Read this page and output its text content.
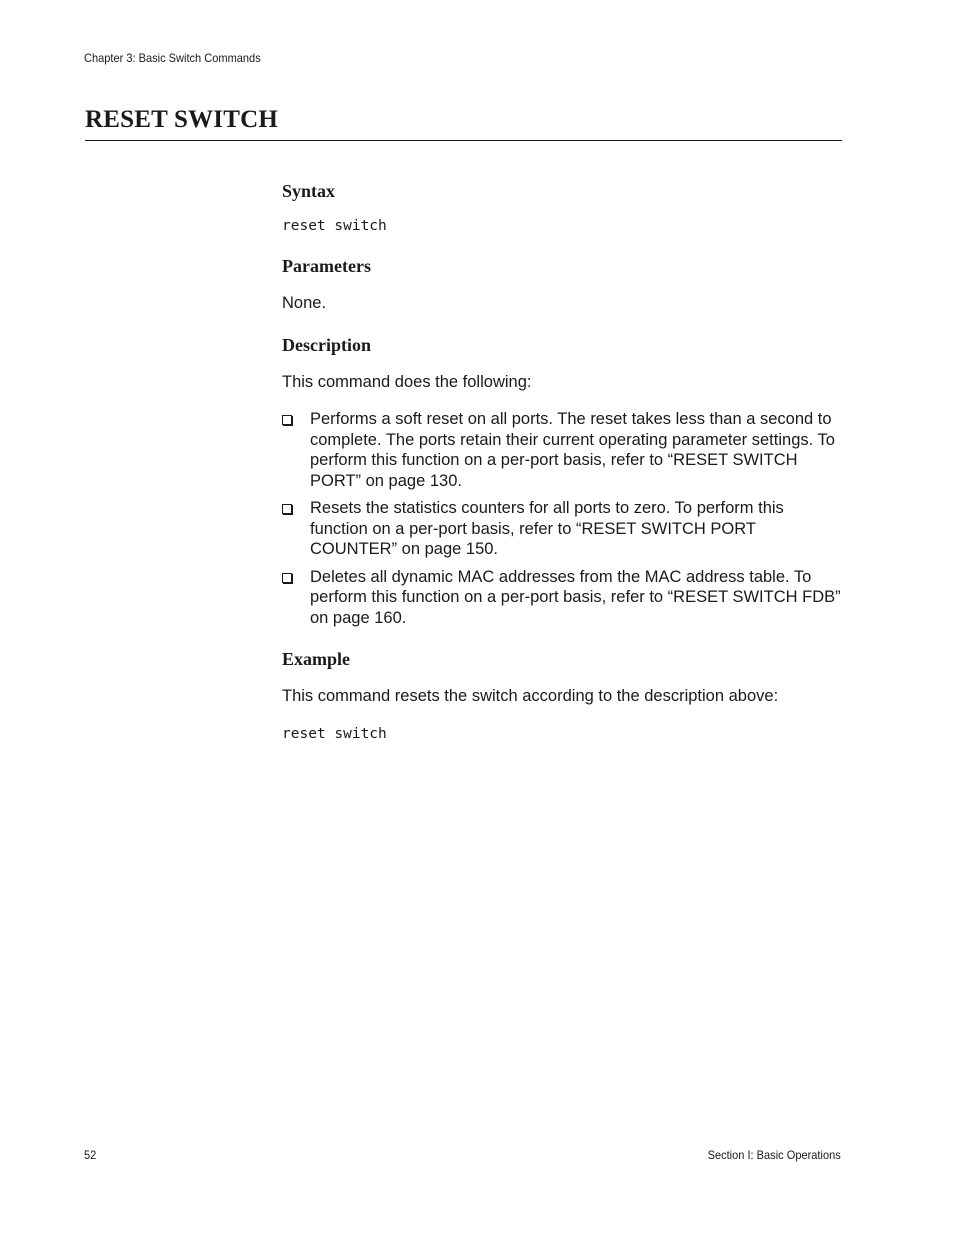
Chapter 3: Basic Switch Commands
RESET SWITCH
Syntax
reset switch
Parameters

None.

Description

This command does the following:

Performs a soft reset on all ports. The reset takes less than a second to complete. The ports retain their current operating parameter settings. To perform this function on a per-port basis, refer to “RESET SWITCH PORT” on page 130.
Resets the statistics counters for all ports to zero. To perform this function on a per-port basis, refer to “RESET SWITCH PORT COUNTER” on page 150.
Deletes all dynamic MAC addresses from the MAC address table. To perform this function on a per-port basis, refer to “RESET SWITCH FDB” on page 160.
Example

This command resets the switch according to the description above:

reset switch
52	Section I: Basic Operations
